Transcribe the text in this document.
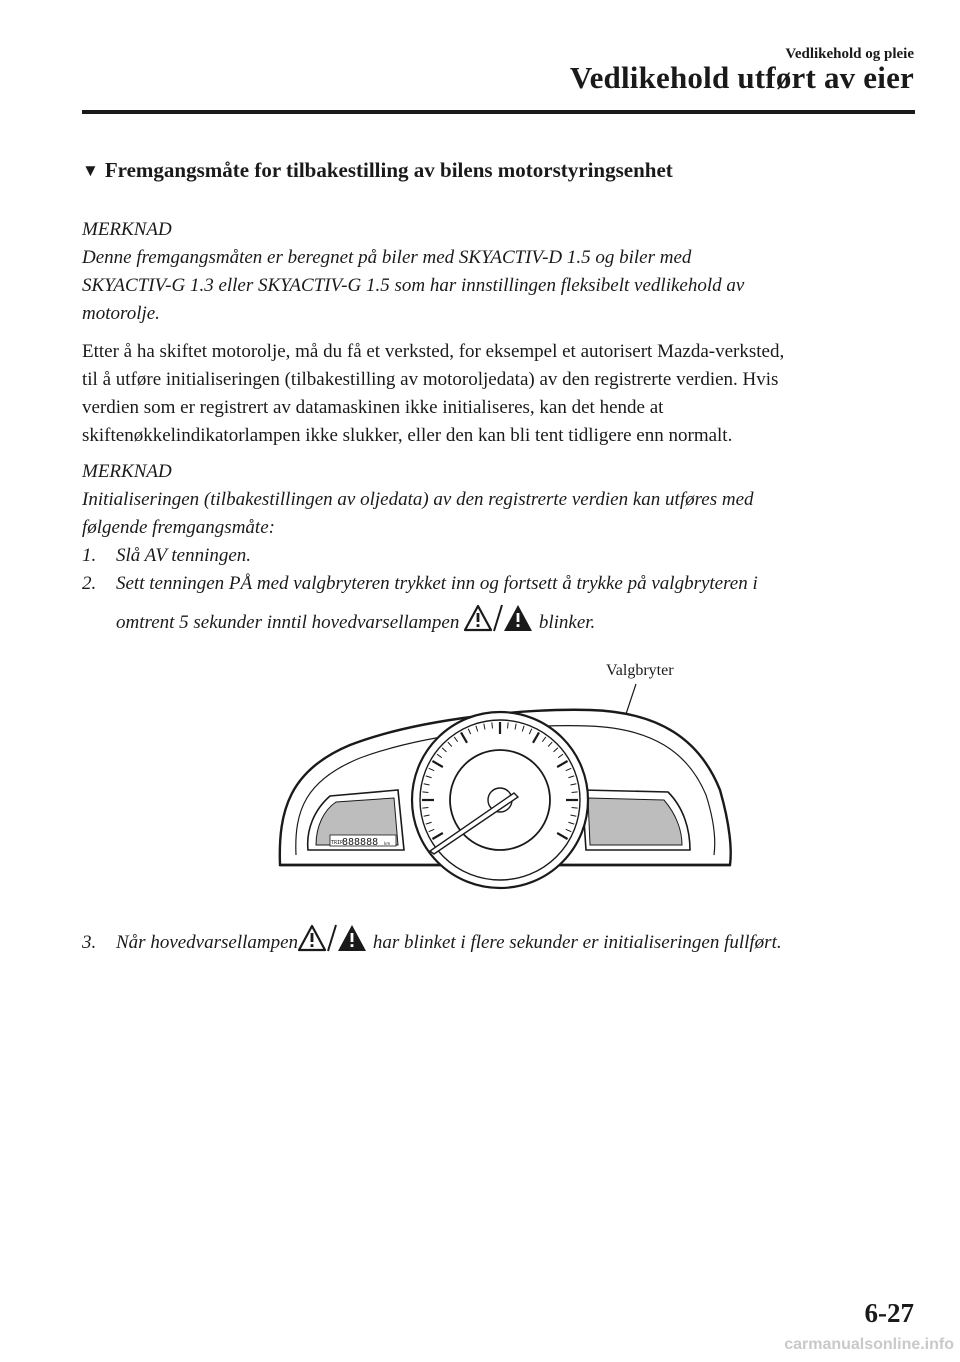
Vedlikehold og pleie
Vedlikehold utført av eier
▼ Fremgangsmåte for tilbakestilling av bilens motorstyringsenhet
MERKNAD
Denne fremgangsmåten er beregnet på biler med SKYACTIV-D 1.5 og biler med
SKYACTIV-G 1.3 eller SKYACTIV-G 1.5 som har innstillingen fleksibelt vedlikehold av
motorolje.
Etter å ha skiftet motorolje, må du få et verksted, for eksempel et autorisert Mazda-verksted,
til å utføre initialiseringen (tilbakestilling av motoroljedata) av den registrerte verdien. Hvis
verdien som er registrert av datamaskinen ikke initialiseres, kan det hende at
skiftenøkkelindikatorlampen ikke slukker, eller den kan bli tent tidligere enn normalt.
MERKNAD
Initialiseringen (tilbakestillingen av oljedata) av den registrerte verdien kan utføres med
følgende fremgangsmåte:
1. Slå AV tenningen.
2. Sett tenningen PÅ med valgbryteren trykket inn og fortsett å trykke på valgbryteren i
omtrent 5 sekunder inntil hovedvarsellampen	blinker.
Valgbryter
TRIP
888888 km
3. Når hovedvarsellampen	har blinket i flere sekunder er initialiseringen fullført.
6-27
carmanualsonline.info
